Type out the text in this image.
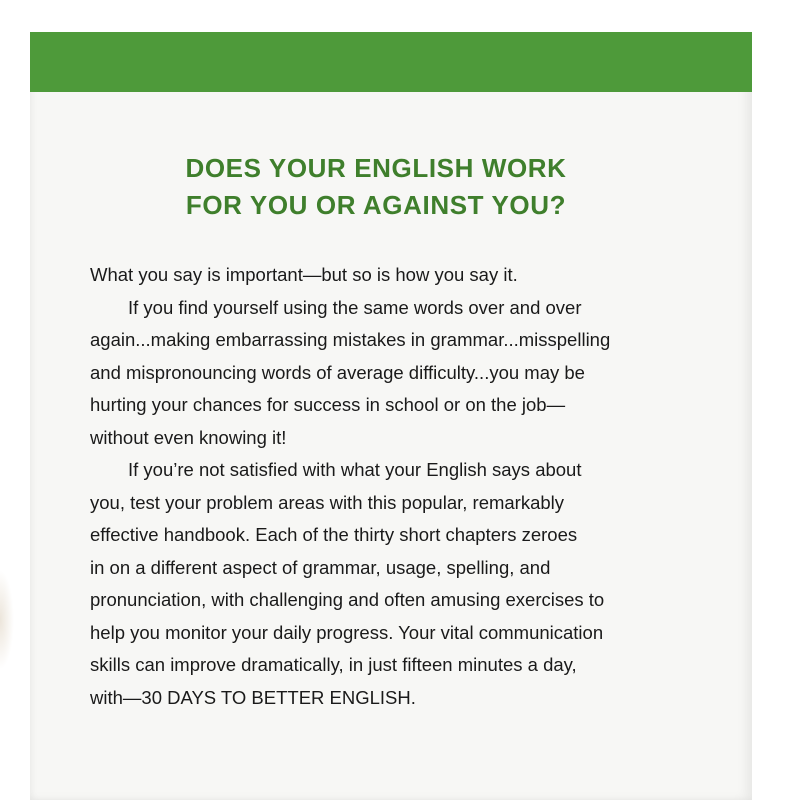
DOES YOUR ENGLISH WORK
FOR YOU OR AGAINST YOU?
What you say is important—but so is how you say it.
If you find yourself using the same words over and over
again...making embarrassing mistakes in grammar...misspelling
and mispronouncing words of average difficulty...you may be
hurting your chances for success in school or on the job—
without even knowing it!
If you’re not satisfied with what your English says about
you, test your problem areas with this popular, remarkably
effective handbook. Each of the thirty short chapters zeroes
in on a different aspect of grammar, usage, spelling, and
pronunciation, with challenging and often amusing exercises to
help you monitor your daily progress. Your vital communication
skills can improve dramatically, in just fifteen minutes a day,
with—30 DAYS TO BETTER ENGLISH.
